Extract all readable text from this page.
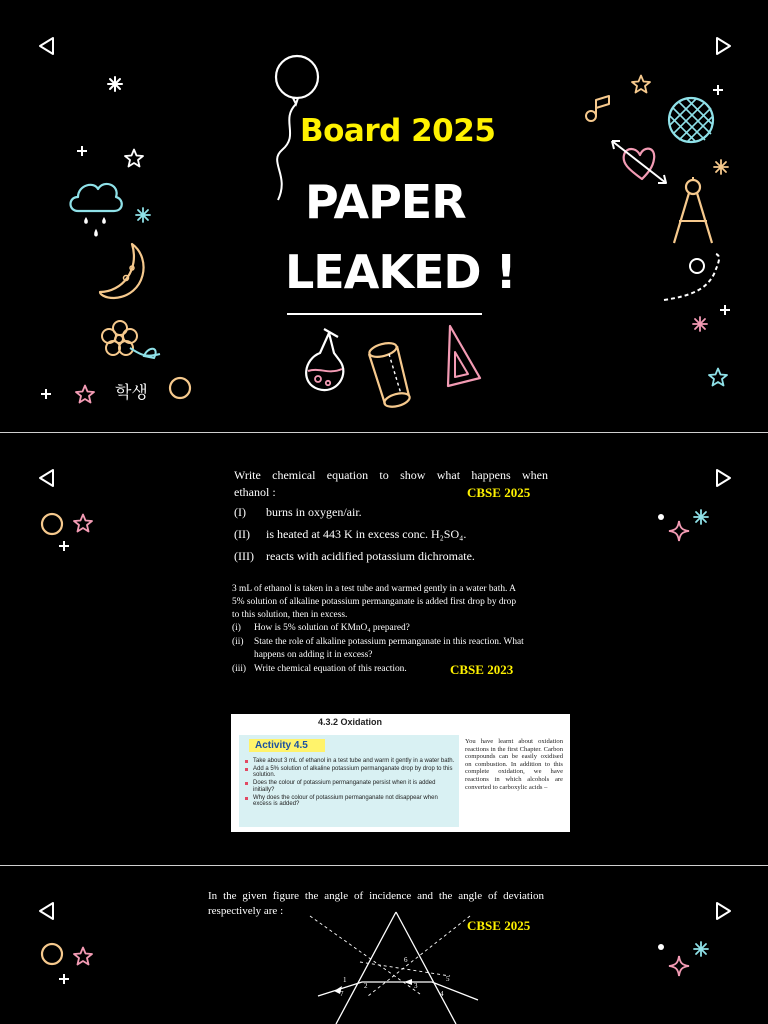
Board 2025
PAPER
LEAKED !
학생
Write chemical equation to show what happens when
ethanol :	CBSE 2025
(I) burns in oxygen/air.
(II) is heated at 443 K in excess conc. H₂SO₄.
(III) reacts with acidified potassium dichromate.
3 mL of ethanol is taken in a test tube and warmed gently in a water bath. A
5% solution of alkaline potassium permanganate is added first drop by drop
to this solution, then in excess.
(i) How is 5% solution of KMnO₄ prepared?
(ii) State the role of alkaline potassium permanganate in this reaction. What
happens on adding it in excess?
(iii) Write chemical equation of this reaction.	CBSE 2023
4.3.2 Oxidation
Activity 4.5
Take about 3 mL of ethanol in a test tube and warm it gently in a water bath.
Add a 5% solution of alkaline potassium permanganate drop by drop to this solution.
Does the colour of potassium permanganate persist when it is added initially?
Why does the colour of potassium permanganate not disappear when excess is added?
You have learnt about oxidation reactions in the first Chapter. Carbon compounds can be easily oxidised on combustion. In addition to this complete oxidation, we have reactions in which alcohols are converted to carboxylic acids –
In the given figure the angle of incidence and the angle of deviation
respectively are :
CBSE 2025
1
2	3
4
5
6
7
